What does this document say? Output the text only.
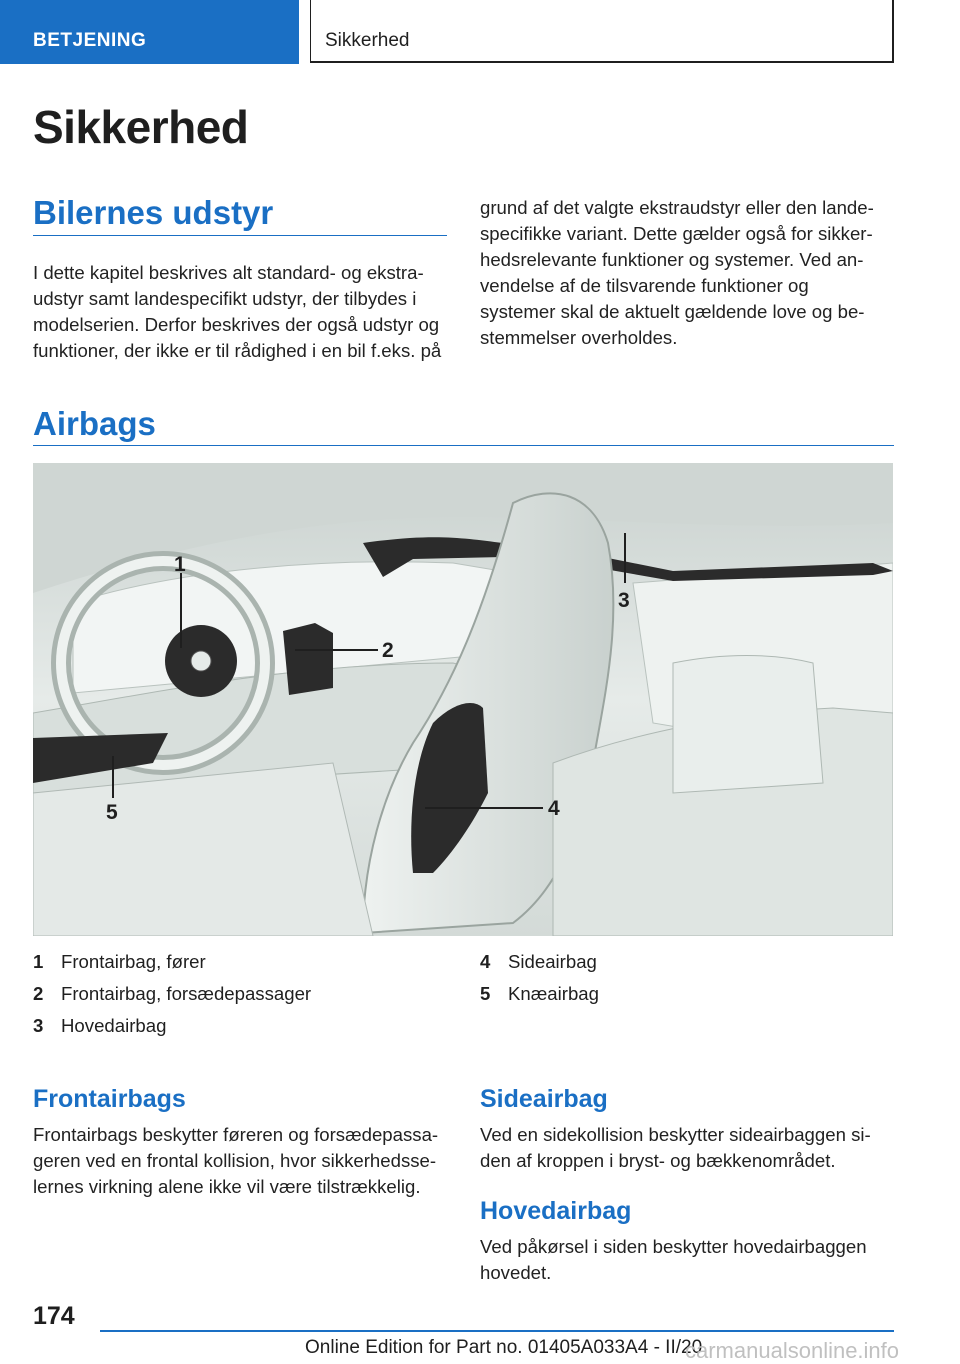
BETJENING	Sikkerhed
Sikkerhed
Bilernes udstyr
I dette kapitel beskrives alt standard- og ekstra-
udstyr samt landespecifikt udstyr, der tilbydes i
modelserien. Derfor beskrives der også udstyr og
funktioner, der ikke er til rådighed i en bil f.eks. på
grund af det valgte ekstraudstyr eller den lande-
specifikke variant. Dette gælder også for sikker-
hedsrelevante funktioner og systemer. Ved an-
vendelse af de tilsvarende funktioner og
systemer skal de aktuelt gældende love og be-
stemmelser overholdes.
Airbags
1
2
3
4
5
1 Frontairbag, fører
2 Frontairbag, forsædepassager
3 Hovedairbag
4 Sideairbag
5 Knæairbag
Frontairbags
Frontairbags beskytter føreren og forsædepassa-
geren ved en frontal kollision, hvor sikkerhedsse-
lernes virkning alene ikke vil være tilstrækkelig.
Sideairbag
Ved en sidekollision beskytter sideairbaggen si-
den af kroppen i bryst- og bækkenområdet.
Hovedairbag
Ved påkørsel i siden beskytter hovedairbaggen
hovedet.
174
Online Edition for Part no. 01405A033A4 - II/20
carmanualsonline.info
